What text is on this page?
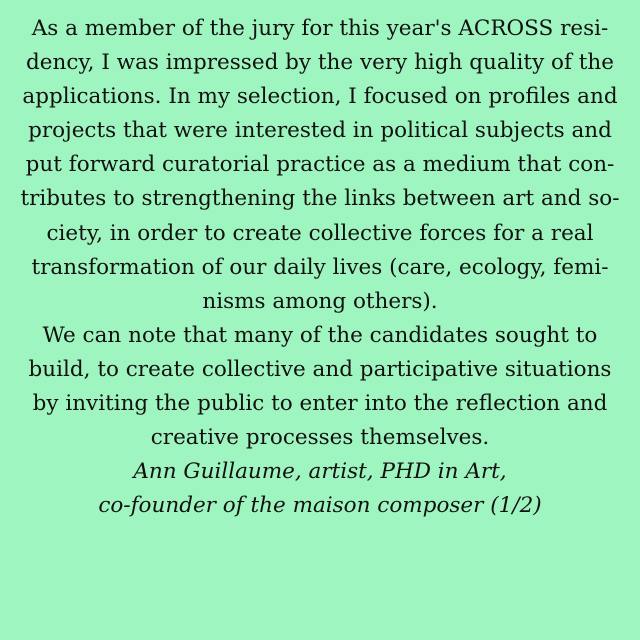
As a member of the jury for this year's ACROSS resi-
dency, I was impressed by the very high quality of the
applications. In my selection, I focused on profiles and
projects that were interested in political subjects and
put forward curatorial practice as a medium that con-
tributes to strengthening the links between art and so-
ciety, in order to create collective forces for a real
transformation of our daily lives (care, ecology, femi-
nisms among others).
We can note that many of the candidates sought to
build, to create collective and participative situations
by inviting the public to enter into the reflection and
creative processes themselves.
Ann Guillaume, artist, PHD in Art,
co-founder of the maison composer (1/2)
